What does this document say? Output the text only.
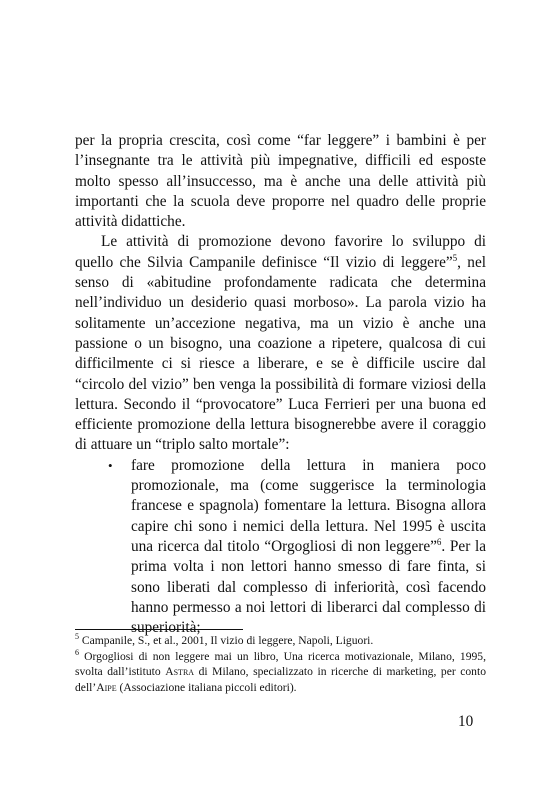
per la propria crescita, così come “far leggere” i bambini è per l’insegnante tra le attività più impegnative, difficili ed esposte molto spesso all’insuccesso, ma è anche una delle attività più importanti che la scuola deve proporre nel quadro delle proprie attività didattiche.

Le attività di promozione devono favorire lo sviluppo di quello che Silvia Campanile definisce “Il vizio di leggere”$^5$, nel senso di «abitudine profondamente radicata che determina nell’individuo un desiderio quasi morboso». La parola vizio ha solitamente un’accezione negativa, ma un vizio è anche una passione o un bisogno, una coazione a ripetere, qualcosa di cui difficilmente ci si riesce a liberare, e se è difficile uscire dal “circolo del vizio” ben venga la possibilità di formare viziosi della lettura. Secondo il “provocatore” Luca Ferrieri per una buona ed efficiente promozione della lettura bisognerebbe avere il coraggio di attuare un “triplo salto mortale”:

• fare promozione della lettura in maniera poco promozionale, ma (come suggerisce la terminologia francese e spagnola) fomentare la lettura. Bisogna allora capire chi sono i nemici della lettura. Nel 1995 è uscita una ricerca dal titolo “Orgogliosi di non leggere”$^6$. Per la prima volta i non lettori hanno smesso di fare finta, si sono liberati dal complesso di inferiorità, così facendo hanno permesso a noi lettori di liberarci dal complesso di superiorità;

$^5$ Campanile, S., et al., 2001, Il vizio di leggere, Napoli, Liguori.

$^6$ Orgogliosi di non leggere mai un libro, Una ricerca motivazionale, Milano, 1995, svolta dall’istituto Astra di Milano, specializzato in ricerche di marketing, per conto dell’Aipe (Associazione italiana piccoli editori).

10
